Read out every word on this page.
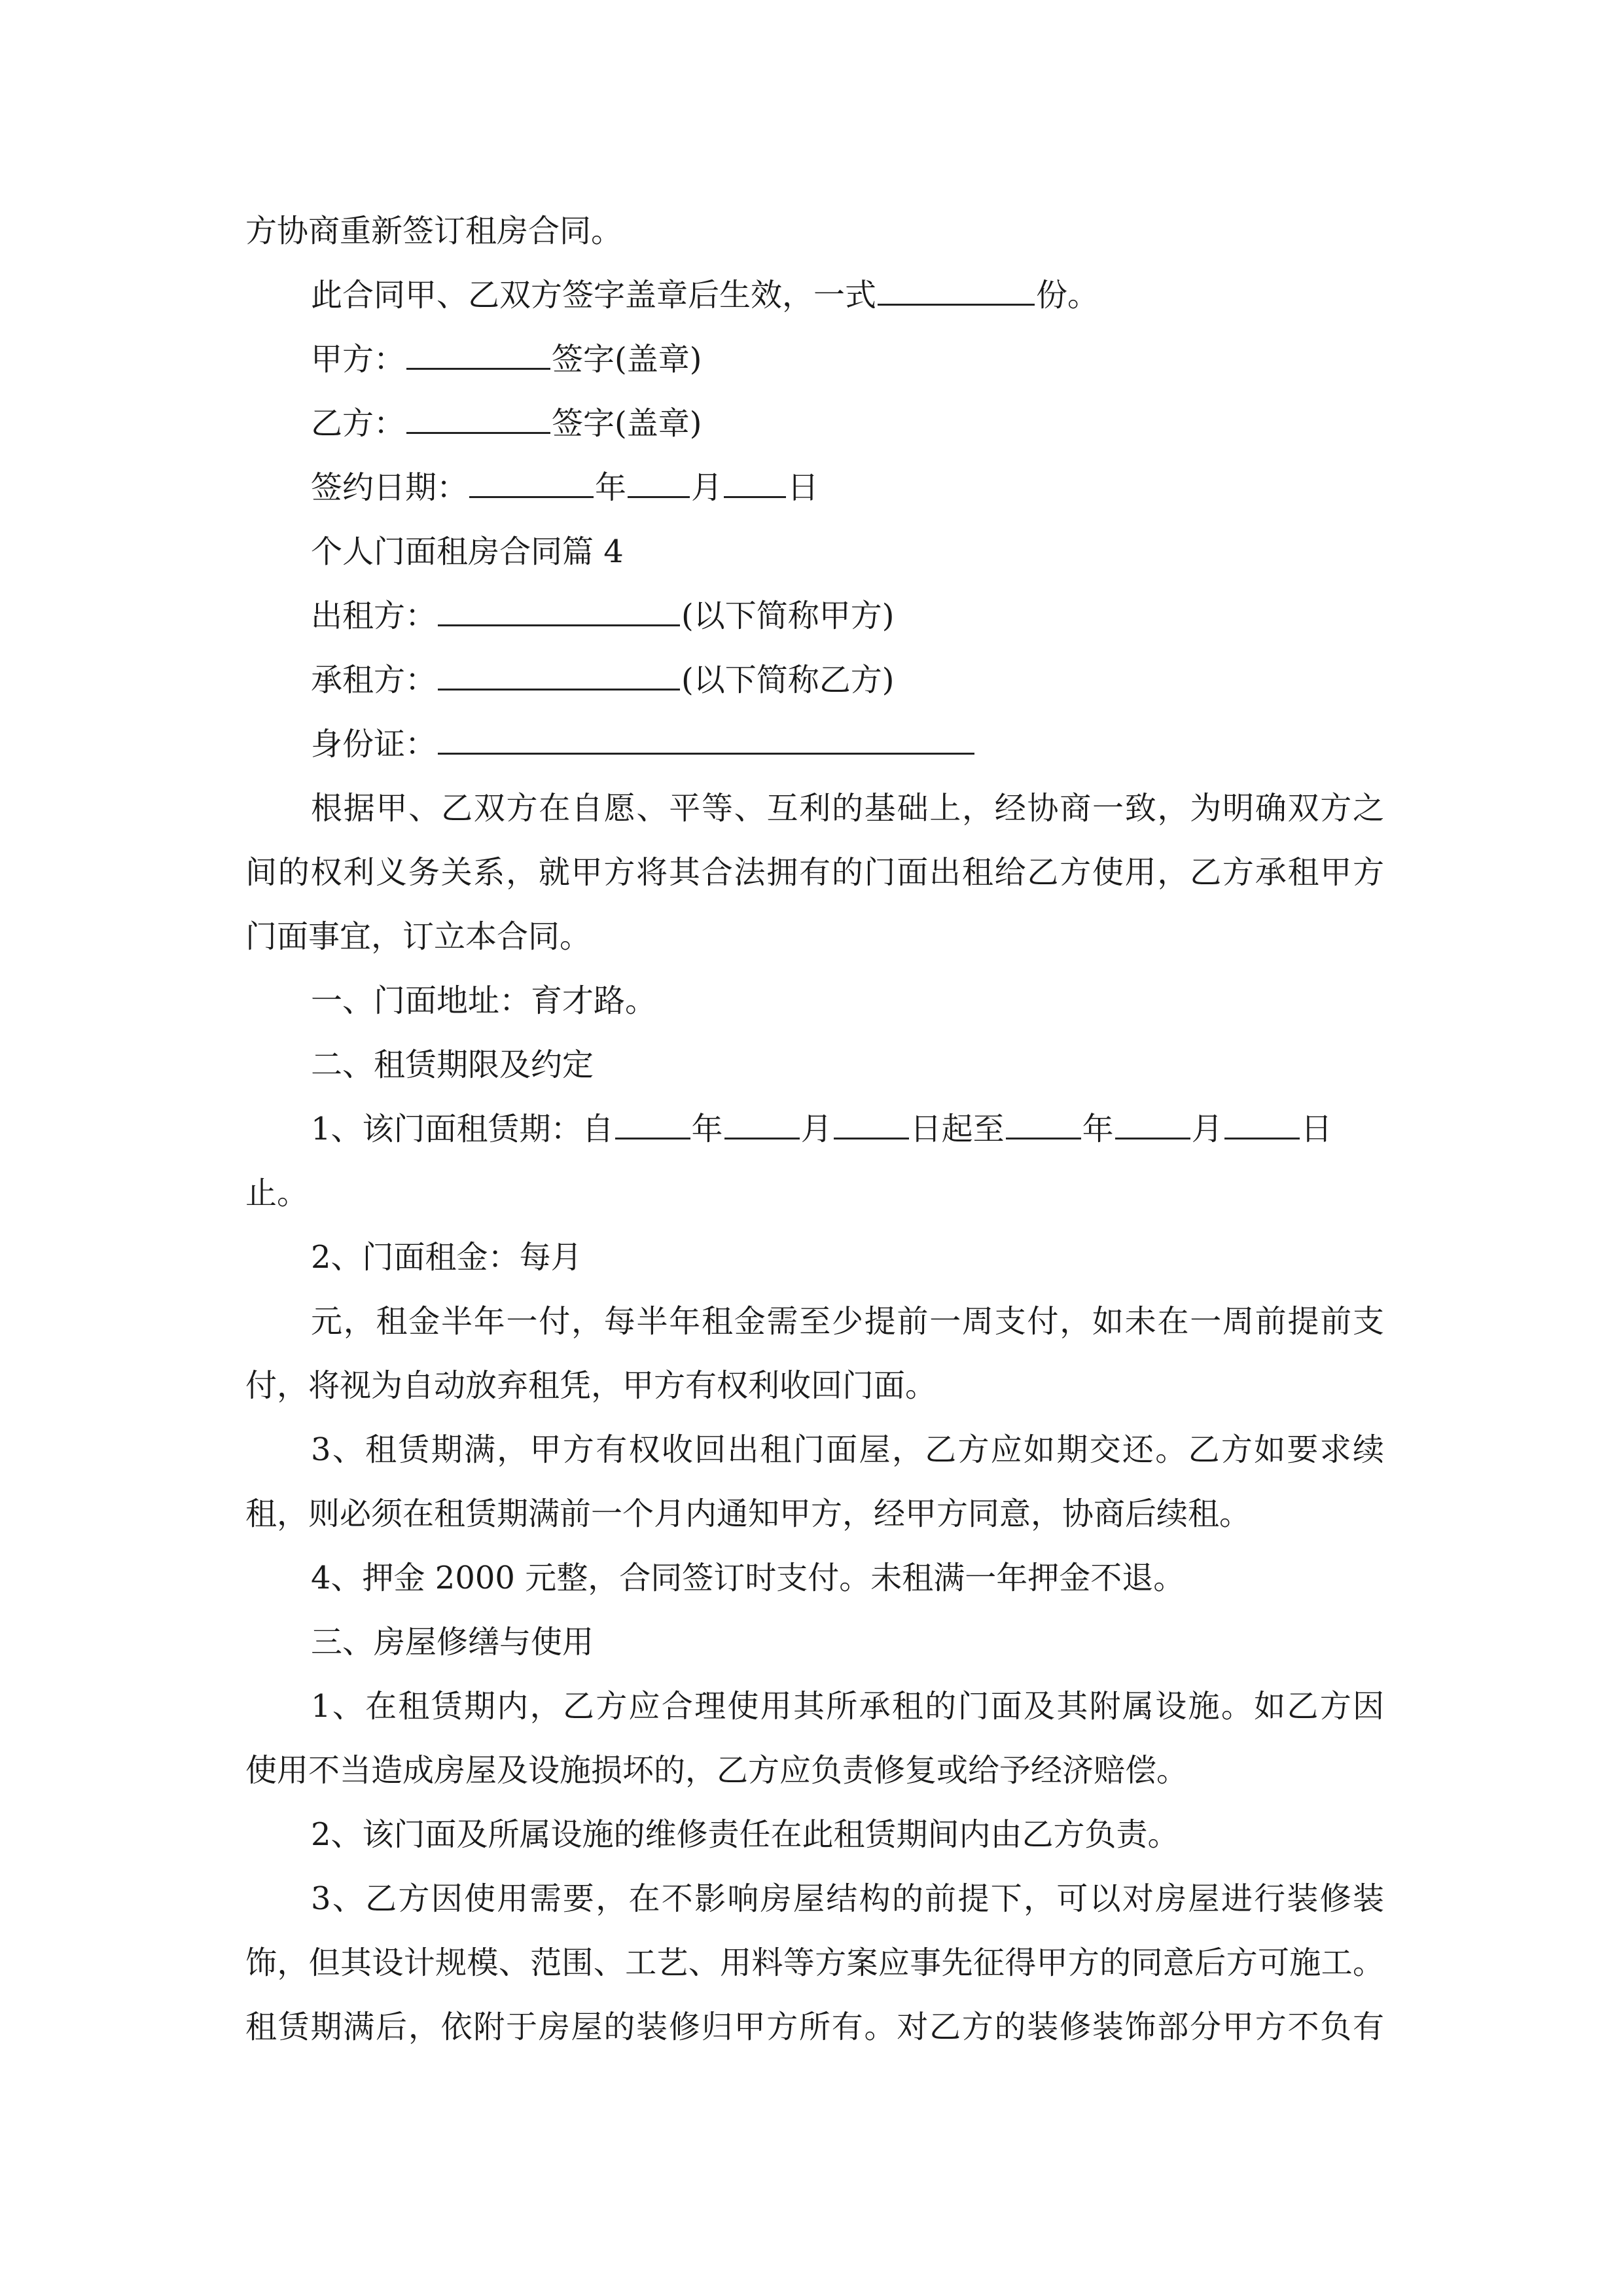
方协商重新签订租房合同。
此合同甲、乙双方签字盖章后生效，一式	份。
甲方：	签字(盖章)
乙方：	签字(盖章)
签约日期：	年 月 日
个人门面租房合同篇 4
出租方：	(以下简称甲方)
承租方：	(以下简称乙方)
身份证：
根据甲、乙双方在自愿、平等、互利的基础上，经协商一致，为明确双方之
间的权利义务关系，就甲方将其合法拥有的门面出租给乙方使用，乙方承租甲方
门面事宜，订立本合同。
一、门面地址：育才路。
二、租赁期限及约定
1、该门面租赁期：自 年 月 日起至 年 月 日
止。
2、门面租金：每月
元，租金半年一付，每半年租金需至少提前一周支付，如未在一周前提前支
付，将视为自动放弃租凭，甲方有权利收回门面。
3、租赁期满，甲方有权收回出租门面屋，乙方应如期交还。乙方如要求续
租，则必须在租赁期满前一个月内通知甲方，经甲方同意，协商后续租。
4、押金 2000 元整，合同签订时支付。未租满一年押金不退。
三、房屋修缮与使用
1、在租赁期内，乙方应合理使用其所承租的门面及其附属设施。如乙方因
使用不当造成房屋及设施损坏的，乙方应负责修复或给予经济赔偿。
2、该门面及所属设施的维修责任在此租赁期间内由乙方负责。
3、乙方因使用需要，在不影响房屋结构的前提下，可以对房屋进行装修装
饰，但其设计规模、范围、工艺、用料等方案应事先征得甲方的同意后方可施工。
租赁期满后，依附于房屋的装修归甲方所有。对乙方的装修装饰部分甲方不负有
